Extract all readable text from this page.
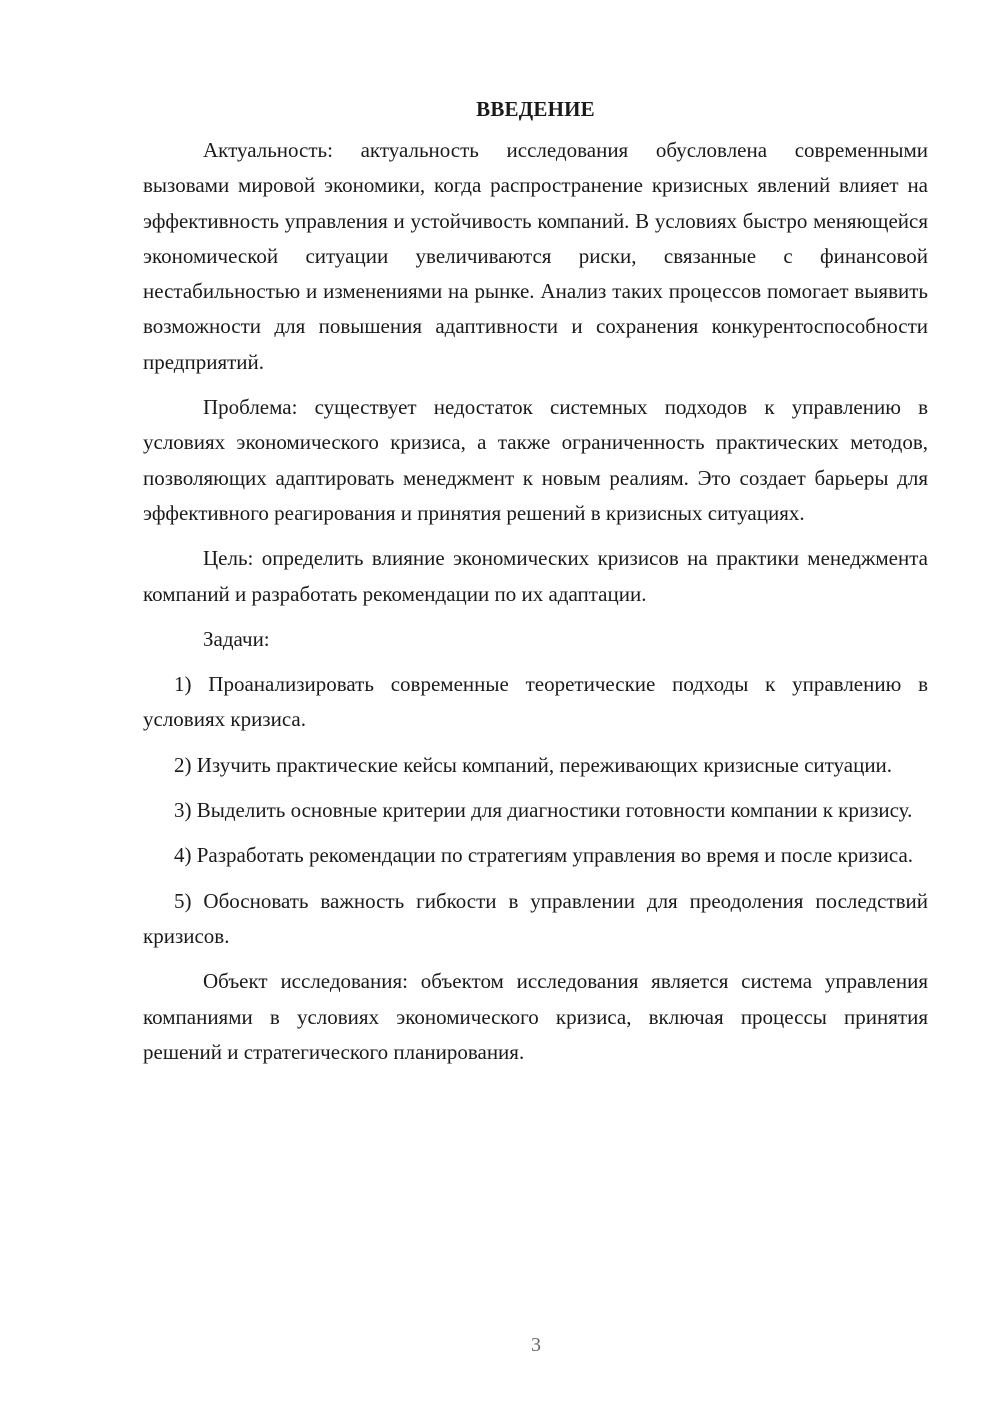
ВВЕДЕНИЕ

Актуальность: актуальность исследования обусловлена современными вызовами мировой экономики, когда распространение кризисных явлений влияет на эффективность управления и устойчивость компаний. В условиях быстро меняющейся экономической ситуации увеличиваются риски, связанные с финансовой нестабильностью и изменениями на рынке. Анализ таких процессов помогает выявить возможности для повышения адаптивности и сохранения конкурентоспособности предприятий.

Проблема: существует недостаток системных подходов к управлению в условиях экономического кризиса, а также ограниченность практических методов, позволяющих адаптировать менеджмент к новым реалиям. Это создает барьеры для эффективного реагирования и принятия решений в кризисных ситуациях.

Цель: определить влияние экономических кризисов на практики менеджмента компаний и разработать рекомендации по их адаптации.

Задачи:

1) Проанализировать современные теоретические подходы к управлению в условиях кризиса.

2) Изучить практические кейсы компаний, переживающих кризисные ситуации.

3) Выделить основные критерии для диагностики готовности компании к кризису.

4) Разработать рекомендации по стратегиям управления во время и после кризиса.

5) Обосновать важность гибкости в управлении для преодоления последствий кризисов.

Объект исследования: объектом исследования является система управления компаниями в условиях экономического кризиса, включая процессы принятия решений и стратегического планирования.

3
